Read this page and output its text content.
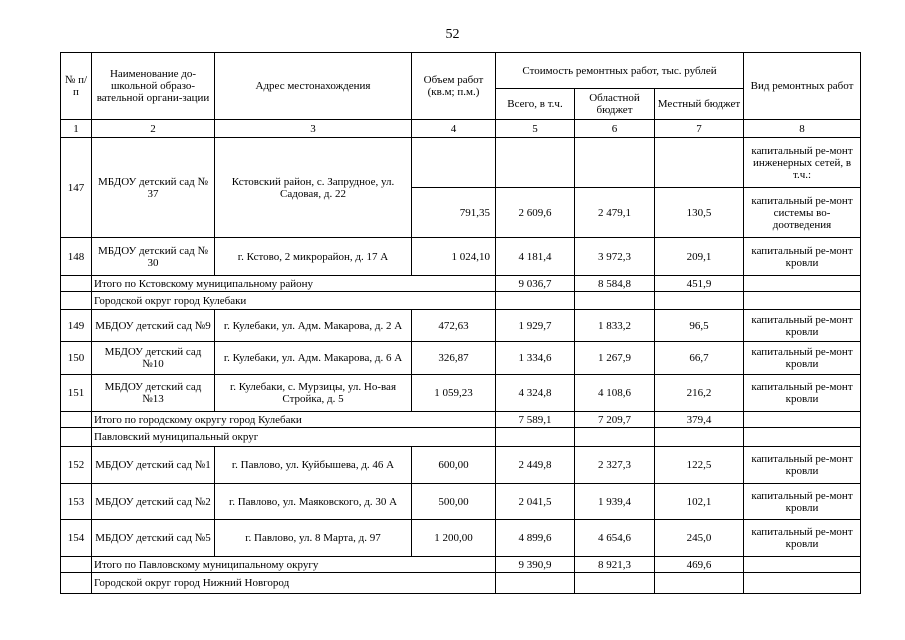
52
№ п/п	Наименование до-школьной образо-вательной органи-зации	Адрес местонахождения	Объем работ (кв.м; п.м.)	Стоимость ремонтных работ, тыс. рублей			Вид ремонтных работ
				Всего, в т.ч.	Областной бюджет	Местный бюджет	
1	2	3	4	5	6	7	8
147	МБДОУ детский сад № 37	Кстовский район, с. Запрудное, ул. Садовая, д. 22					капитальный ре-монт инженерных сетей, в т.ч.:
			791,35	2 609,6	2 479,1	130,5	капитальный ре-монт системы во-доотведения
148	МБДОУ детский сад № 30	г. Кстово, 2 микрорайон, д. 17 А	1 024,10	4 181,4	3 972,3	209,1	капитальный ре-монт кровли
	Итого по Кстовскому муниципальному району			9 036,7	8 584,8	451,9	
	Городской округ город Кулебаки						
149	МБДОУ детский сад №9	г. Кулебаки, ул. Адм. Макарова, д. 2 А	472,63	1 929,7	1 833,2	96,5	капитальный ре-монт кровли
150	МБДОУ детский сад №10	г. Кулебаки, ул. Адм. Макарова, д. 6 А	326,87	1 334,6	1 267,9	66,7	капитальный ре-монт кровли
151	МБДОУ детский сад №13	г. Кулебаки, с. Мурзицы, ул. Но-вая Стройка, д. 5	1 059,23	4 324,8	4 108,6	216,2	капитальный ре-монт кровли
	Итого по городскому округу город Кулебаки			7 589,1	7 209,7	379,4	
	Павловский муниципальный округ						
152	МБДОУ детский сад №1	г. Павлово, ул. Куйбышева, д. 46 А	600,00	2 449,8	2 327,3	122,5	капитальный ре-монт кровли
153	МБДОУ детский сад №2	г. Павлово, ул. Маяковского, д. 30 А	500,00	2 041,5	1 939,4	102,1	капитальный ре-монт кровли
154	МБДОУ детский сад №5	г. Павлово, ул. 8 Марта, д. 97	1 200,00	4 899,6	4 654,6	245,0	капитальный ре-монт кровли
	Итого по Павловскому муниципальному округу			9 390,9	8 921,3	469,6	
	Городской округ город Нижний Новгород						
